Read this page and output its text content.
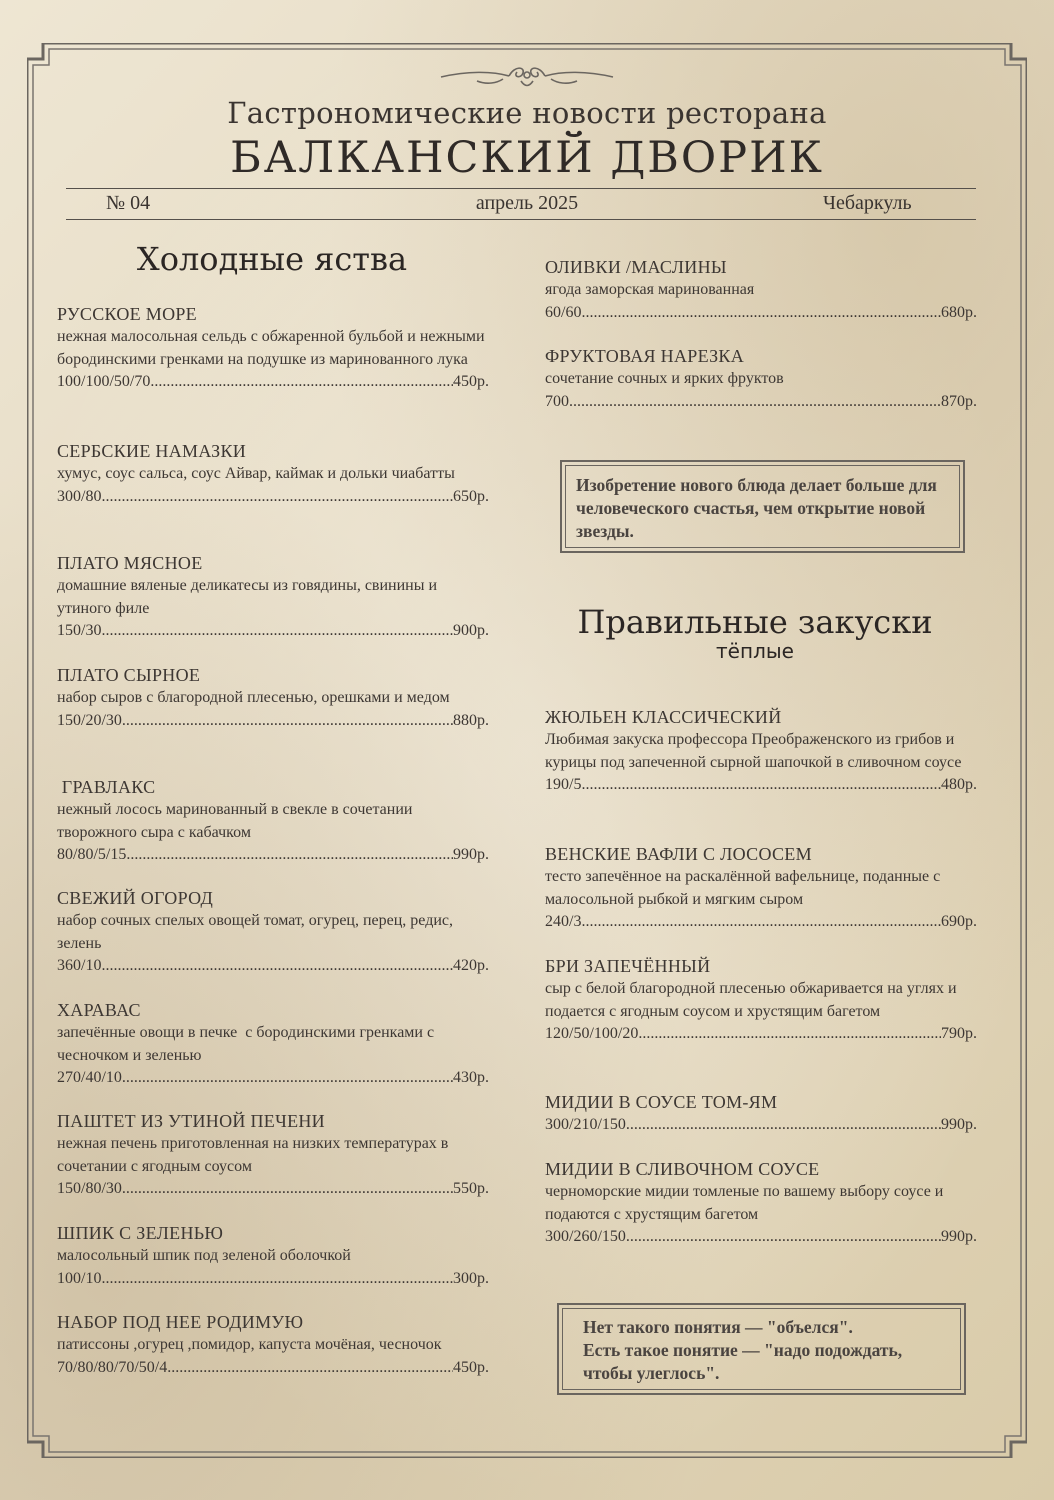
Гастрономические новости ресторана
БАЛКАНСКИЙ ДВОРИК
№ 04	апрель 2025	Чебаркуль
Холодные яства
РУССКОЕ МОРЕ
нежная малосольная сельдь с обжаренной бульбой и нежными бородинскими гренками на подушке из маринованного лука
100/100/50/70 .....	450р.
СЕРБСКИЕ НАМАЗКИ
хумус, соус сальса, соус Айвар, каймак и дольки чиабатты
300/80 .....	650р.
ПЛАТО МЯСНОЕ
домашние вяленые деликатесы из говядины, свинины и утиного филе
150/30 .....	900р.
ПЛАТО СЫРНОЕ
набор сыров с благородной плесенью, орешками и медом
150/20/30 .....	880р.
ГРАВЛАКС
нежный лосось маринованный в свекле в сочетании творожного сыра с кабачком
80/80/5/15 .....	990р.
СВЕЖИЙ ОГОРОД
набор сочных спелых овощей томат, огурец, перец, редис, зелень
360/10 .....	420р.
ХАРАВАС
запечённые овощи в печке  с бородинскими гренками с чесночком и зеленью
270/40/10 .....	430р.
ПАШТЕТ ИЗ УТИНОЙ ПЕЧЕНИ
нежная печень приготовленная на низких температурах в сочетании с ягодным соусом
150/80/30 .....	550р.
ШПИК С ЗЕЛЕНЬЮ
малосольный шпик под зеленой оболочкой
100/10 .....	300р.
НАБОР ПОД НЕЕ РОДИМУЮ
патиссоны ,огурец ,помидор, капуста мочёная, чесночок
70/80/80/70/50/4 .....	450р.
ОЛИВКИ /МАСЛИНЫ
ягода заморская маринованная
60/60 .....	680р.
ФРУКТОВАЯ НАРЕЗКА
сочетание сочных и ярких фруктов
700 .....	870р.
Изобретение нового блюда делает больше для человеческого счастья, чем открытие новой звезды.
Правильные закуски
тёплые
ЖЮЛЬЕН КЛАССИЧЕСКИЙ
Любимая закуска профессора Преображенского из грибов и курицы под запеченной сырной шапочкой в сливочном соусе
190/5 .....	480р.
ВЕНСКИЕ ВАФЛИ С ЛОСОСЕМ
тесто запечённое на раскалённой вафельнице, поданные с малосольной рыбкой и мягким сыром
240/3 .....	690р.
БРИ ЗАПЕЧЁННЫЙ
сыр с белой благородной плесенью обжаривается на углях и подается с ягодным соусом и хрустящим багетом
120/50/100/20 .....	790р.
МИДИИ В СОУСЕ ТОМ-ЯМ
300/210/150 .....	990р.
МИДИИ В СЛИВОЧНОМ СОУСЕ
черноморские мидии томленые по вашему выбору соусе и подаются с хрустящим багетом
300/260/150 .....	990р.
Нет такого понятия — "объелся".
Есть такое понятие — "надо подождать, чтобы улеглось".
